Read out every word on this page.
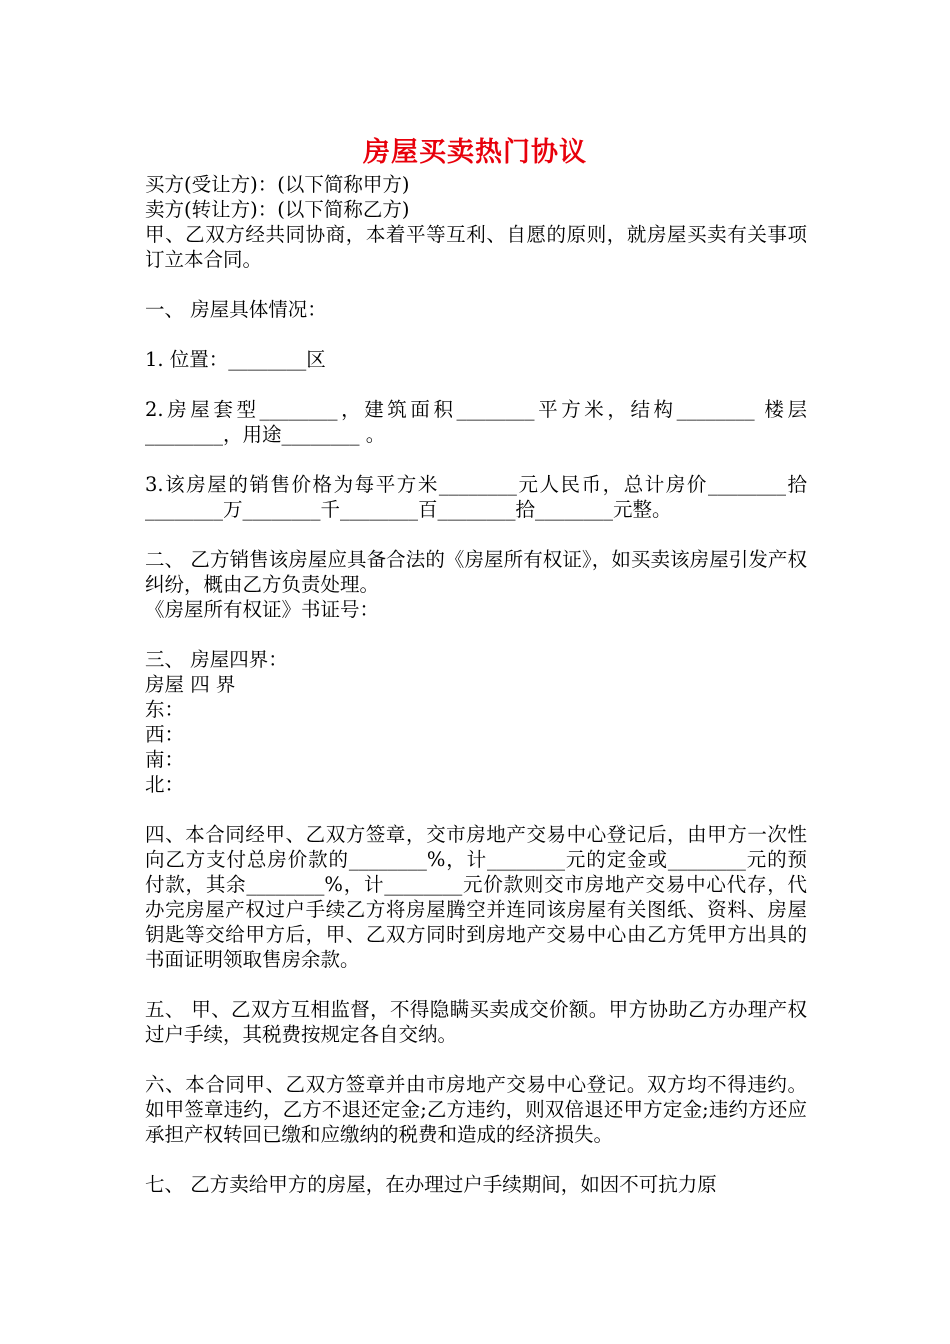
房屋买卖热门协议

买方(受让方)：(以下简称甲方)

卖方(转让方)：(以下简称乙方)

甲、乙双方经共同协商，本着平等互利、自愿的原则，就房屋买卖有关事项订立本合同。

一、 房屋具体情况：

1. 位置：________区

2.房屋套型________，建筑面积________平方米，结构________ 楼层________，用途________ 。

3.该房屋的销售价格为每平方米________元人民币，总计房价________拾________万________千________百________拾________元整。

二、 乙方销售该房屋应具备合法的《房屋所有权证》，如买卖该房屋引发产权纠纷，概由乙方负责处理。

《房屋所有权证》书证号：

三、 房屋四界：

房屋 四 界

东：

西：

南：

北：

四、本合同经甲、乙双方签章，交市房地产交易中心登记后，由甲方一次性向乙方支付总房价款的________%，计________元的定金或________元的预付款，其余________%，计________元价款则交市房地产交易中心代存，代办完房屋产权过户手续乙方将房屋腾空并连同该房屋有关图纸、资料、房屋钥匙等交给甲方后，甲、乙双方同时到房地产交易中心由乙方凭甲方出具的书面证明领取售房余款。

五、 甲、乙双方互相监督，不得隐瞒买卖成交价额。甲方协助乙方办理产权过户手续，其税费按规定各自交纳。

六、本合同甲、乙双方签章并由市房地产交易中心登记。双方均不得违约。如甲签章违约，乙方不退还定金;乙方违约，则双倍退还甲方定金;违约方还应承担产权转回已缴和应缴纳的税费和造成的经济损失。

七、 乙方卖给甲方的房屋，在办理过户手续期间，如因不可抗力原
